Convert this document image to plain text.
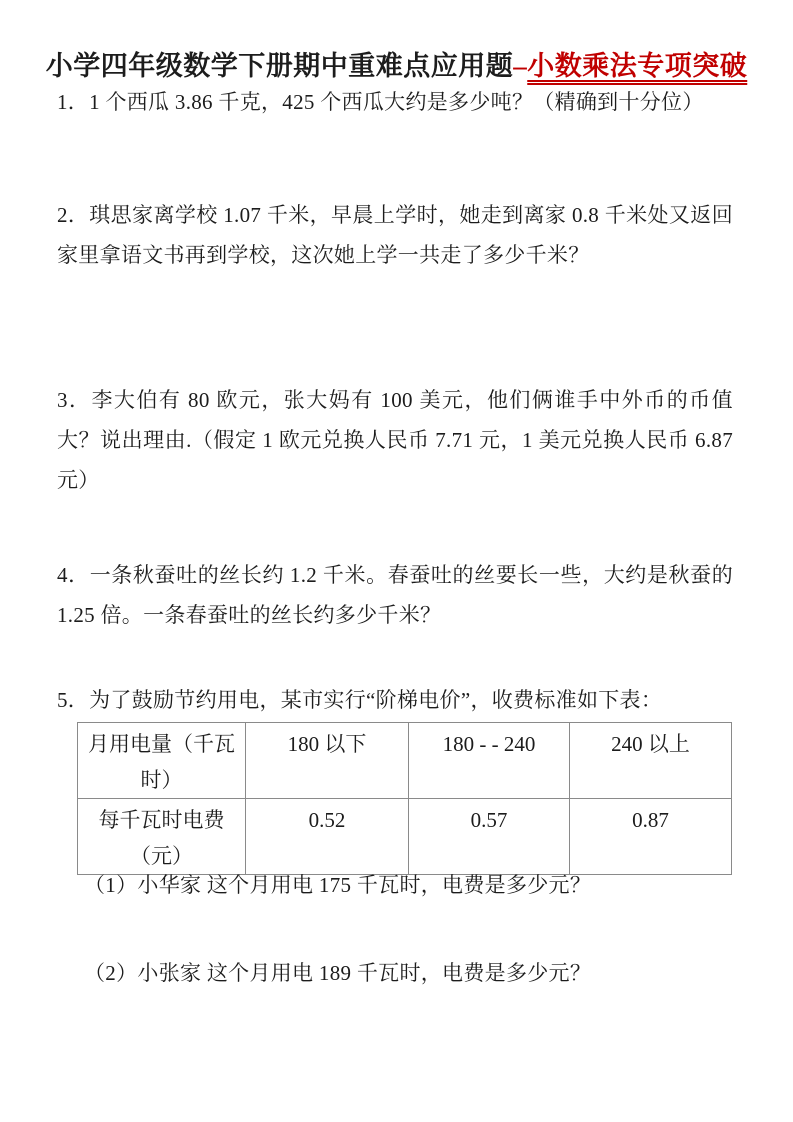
小学四年级数学下册期中重难点应用题–小数乘法专项突破
1．1 个西瓜 3.86 千克，425 个西瓜大约是多少吨？（精确到十分位）
2．琪思家离学校 1.07 千米，早晨上学时，她走到离家 0.8 千米处又返回家里拿语文书再到学校，这次她上学一共走了多少千米？
3．李大伯有 80 欧元，张大妈有 100 美元，他们俩谁手中外币的币值大？说出理由.（假定 1 欧元兑换人民币 7.71 元，1 美元兑换人民币 6.87 元）
4．一条秋蚕吐的丝长约 1.2 千米。春蚕吐的丝要长一些，大约是秋蚕的 1.25 倍。一条春蚕吐的丝长约多少千米？
5．为了鼓励节约用电，某市实行“阶梯电价”，收费标准如下表：
月用电量（千瓦时）	180 以下	180 - - 240	240 以上
每千瓦时电费（元）	0.52	0.57	0.87
（1）小华家 这个月用电 175 千瓦时，电费是多少元？
（2）小张家 这个月用电 189 千瓦时，电费是多少元？
